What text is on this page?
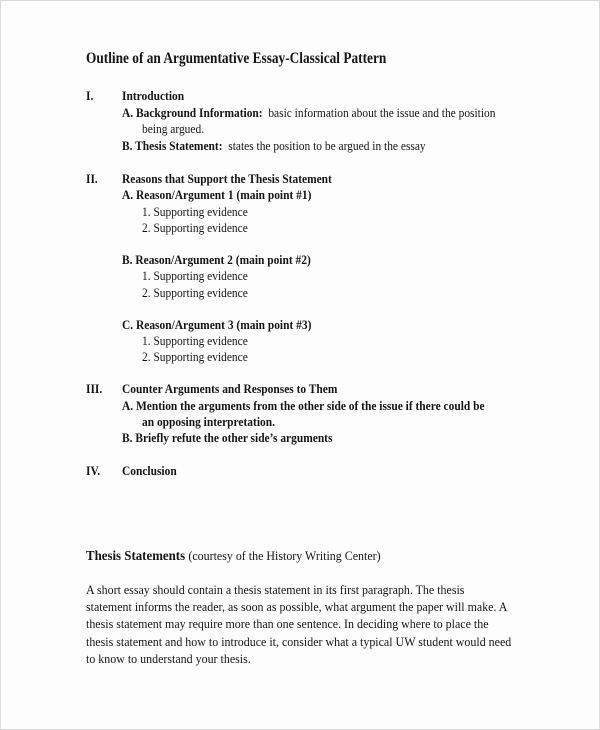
Outline of an Argumentative Essay-Classical Pattern
I. Introduction
A. Background Information: basic information about the issue and the position
being argued.
B. Thesis Statement: states the position to be argued in the essay
II. Reasons that Support the Thesis Statement
A. Reason/Argument 1 (main point #1)
1. Supporting evidence
2. Supporting evidence
B. Reason/Argument 2 (main point #2)
1. Supporting evidence
2. Supporting evidence
C. Reason/Argument 3 (main point #3)
1. Supporting evidence
2. Supporting evidence
III. Counter Arguments and Responses to Them
A. Mention the arguments from the other side of the issue if there could be
an opposing interpretation.
B. Briefly refute the other side’s arguments
IV. Conclusion
Thesis Statements (courtesy of the History Writing Center)
A short essay should contain a thesis statement in its first paragraph. The thesis
statement informs the reader, as soon as possible, what argument the paper will make. A
thesis statement may require more than one sentence. In deciding where to place the
thesis statement and how to introduce it, consider what a typical UW student would need
to know to understand your thesis.
